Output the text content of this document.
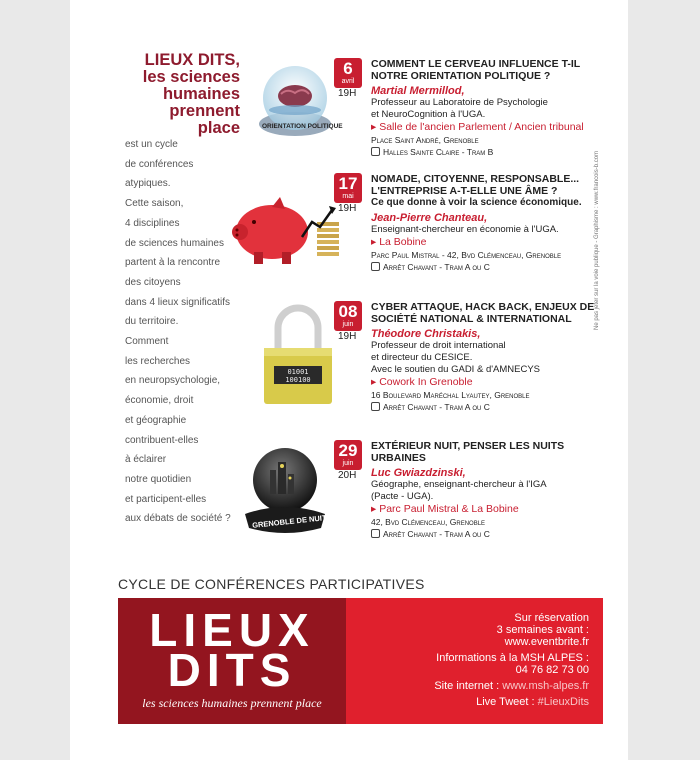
LIEUX DITS,
les sciences
humaines
prennent
place
est un cycle
de conférences
atypiques.
Cette saison,
4 disciplines
de sciences humaines
partent à la rencontre
des citoyens
dans 4 lieux significatifs
du territoire.
Comment
les recherches
en neuropsychologie,
économie, droit
et géographie
contribuent-elles
à éclairer
notre quotidien
et participent-elles
aux débats de société ?
ORIENTATION POLITIQUE
01001 100100
GRENOBLE DE NUIT
6
avril
19H
COMMENT LE CERVEAU INFLUENCE T-IL NOTRE ORIENTATION POLITIQUE ?
Martial Mermillod,
Professeur au Laboratoire de Psychologie
et NeuroCognition à l'UGA.
▸ Salle de l'ancien Parlement / Ancien tribunal
Place Saint André, Grenoble
Halles Sainte Claire - Tram B
17
mai
19H
NOMADE, CITOYENNE, RESPONSABLE... L'ENTREPRISE A-T-ELLE UNE ÂME ?
Ce que donne à voir la science économique.
Jean-Pierre Chanteau,
Enseignant-chercheur en économie à l'UGA.
▸ La Bobine
Parc Paul Mistral - 42, Bvd Clémenceau, Grenoble
Arrêt Chavant - Tram A ou C
08
juin
19H
CYBER ATTAQUE, HACK BACK, ENJEUX DE SOCIÉTÉ NATIONAL & INTERNATIONAL
Théodore Christakis,
Professeur de droit international
et directeur du CESICE.
Avec le soutien du GADI & d'AMNECYS
▸ Cowork In Grenoble
16 Boulevard Maréchal Lyautey, Grenoble
Arrêt Chavant - Tram A ou C
29
juin
20H
EXTÉRIEUR NUIT, PENSER LES NUITS URBAINES
Luc Gwiazdzinski,
Géographe, enseignant-chercheur à l'IGA
(Pacte - UGA).
▸ Parc Paul Mistral & La Bobine
42, Bvd Clémenceau, Grenoble
Arrêt Chavant - Tram A ou C
CYCLE DE CONFÉRENCES PARTICIPATIVES
LIEUX
DITS
les sciences humaines prennent place
Sur réservation
3 semaines avant :
www.eventbrite.fr
Informations à la MSH ALPES :
04 76 82 73 00
Site internet : www.msh-alpes.fr
Live Tweet : #LieuxDits
Ne pas jeter sur la voie publique - Graphisme : www.francois-b.com
